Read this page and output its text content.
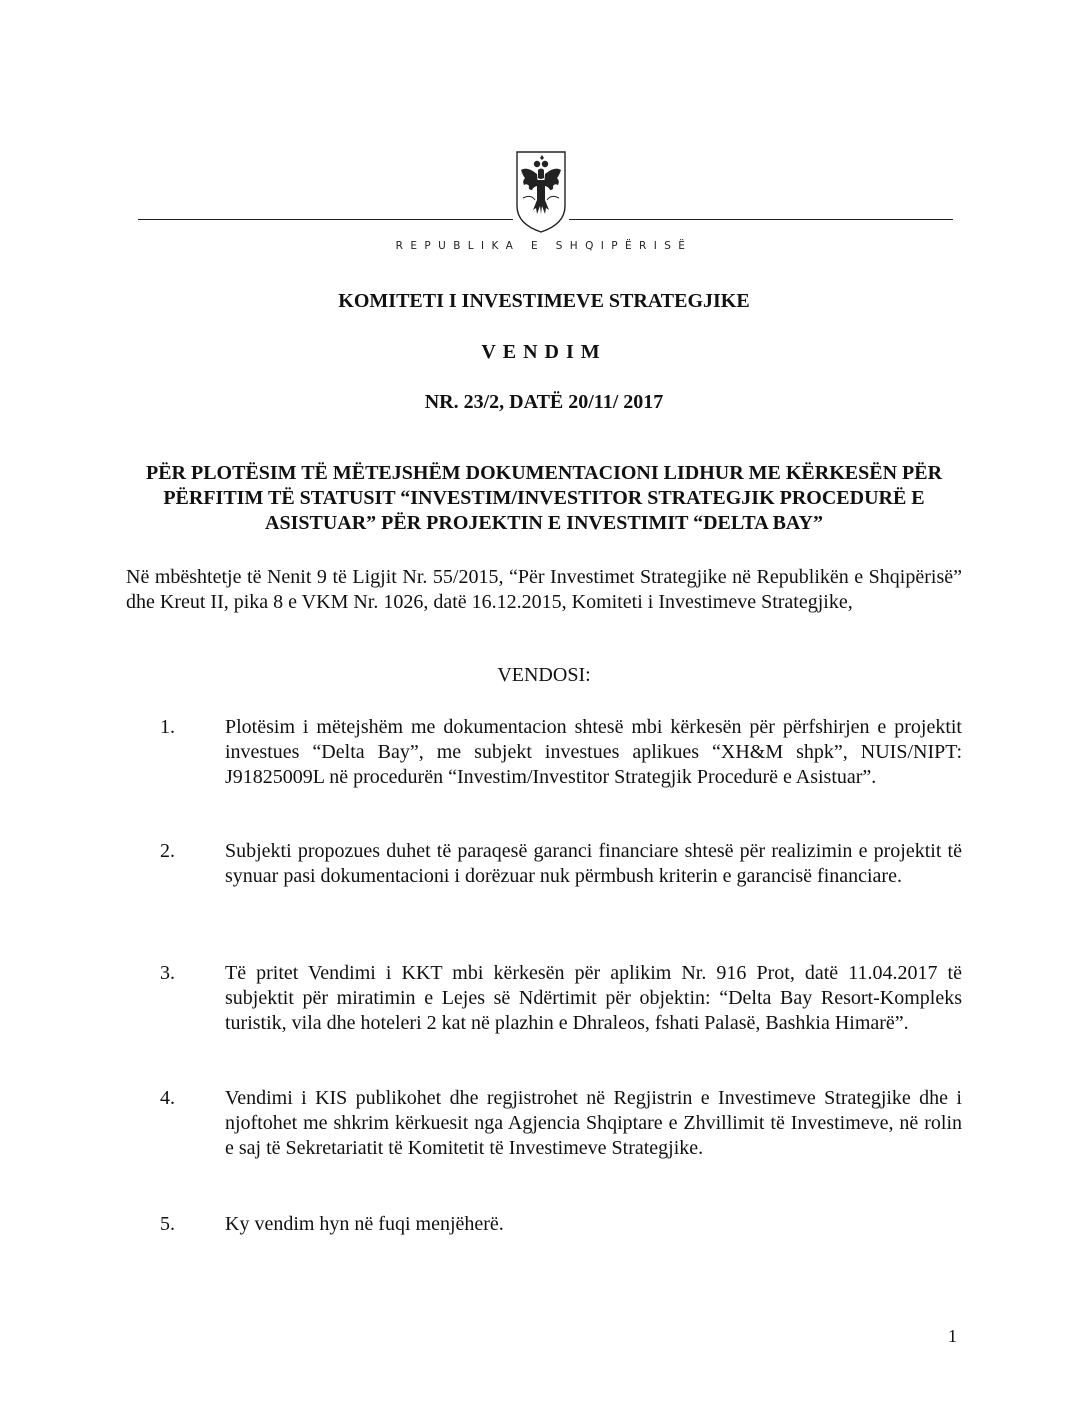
REPUBLIKA E SHQIPËRISË
KOMITETI I INVESTIMEVE STRATEGJIKE
VENDIM
NR. 23/2, DATË 20/11/ 2017
PËR PLOTËSIM TË MËTEJSHËM DOKUMENTACIONI LIDHUR ME KËRKESËN PËR
PËRFITIM TË STATUSIT “INVESTIM/INVESTITOR STRATEGJIK PROCEDURË E
ASISTUAR” PËR PROJEKTIN E INVESTIMIT “DELTA BAY”
Në mbështetje të Nenit 9 të Ligjit Nr. 55/2015, “Për Investimet Strategjike në Republikën e Shqipërisë” dhe Kreut II, pika 8 e VKM Nr. 1026, datë 16.12.2015, Komiteti i Investimeve Strategjike,
VENDOSI:
1.	Plotësim i mëtejshëm me dokumentacion shtesë mbi kërkesën për përfshirjen e projektit investues “Delta Bay”, me subjekt investues aplikues “XH&M shpk”, NUIS/NIPT: J91825009L në procedurën “Investim/Investitor Strategjik Procedurë e Asistuar”.
2.	Subjekti propozues duhet të paraqesë garanci financiare shtesë për realizimin e projektit të synuar pasi dokumentacioni i dorëzuar nuk përmbush kriterin e garancisë financiare.
3.	Të pritet Vendimi i KKT mbi kërkesën për aplikim Nr. 916 Prot, datë 11.04.2017 të subjektit për miratimin e Lejes së Ndërtimit për objektin: “Delta Bay Resort-Kompleks turistik, vila dhe hoteleri 2 kat në plazhin e Dhraleos, fshati Palasë, Bashkia Himarë”.
4.	Vendimi i KIS publikohet dhe regjistrohet në Regjistrin e Investimeve Strategjike dhe i njoftohet me shkrim kërkuesit nga Agjencia Shqiptare e Zhvillimit të Investimeve, në rolin e saj të Sekretariatit të Komitetit të Investimeve Strategjike.
5.	Ky vendim hyn në fuqi menjëherë.
1
